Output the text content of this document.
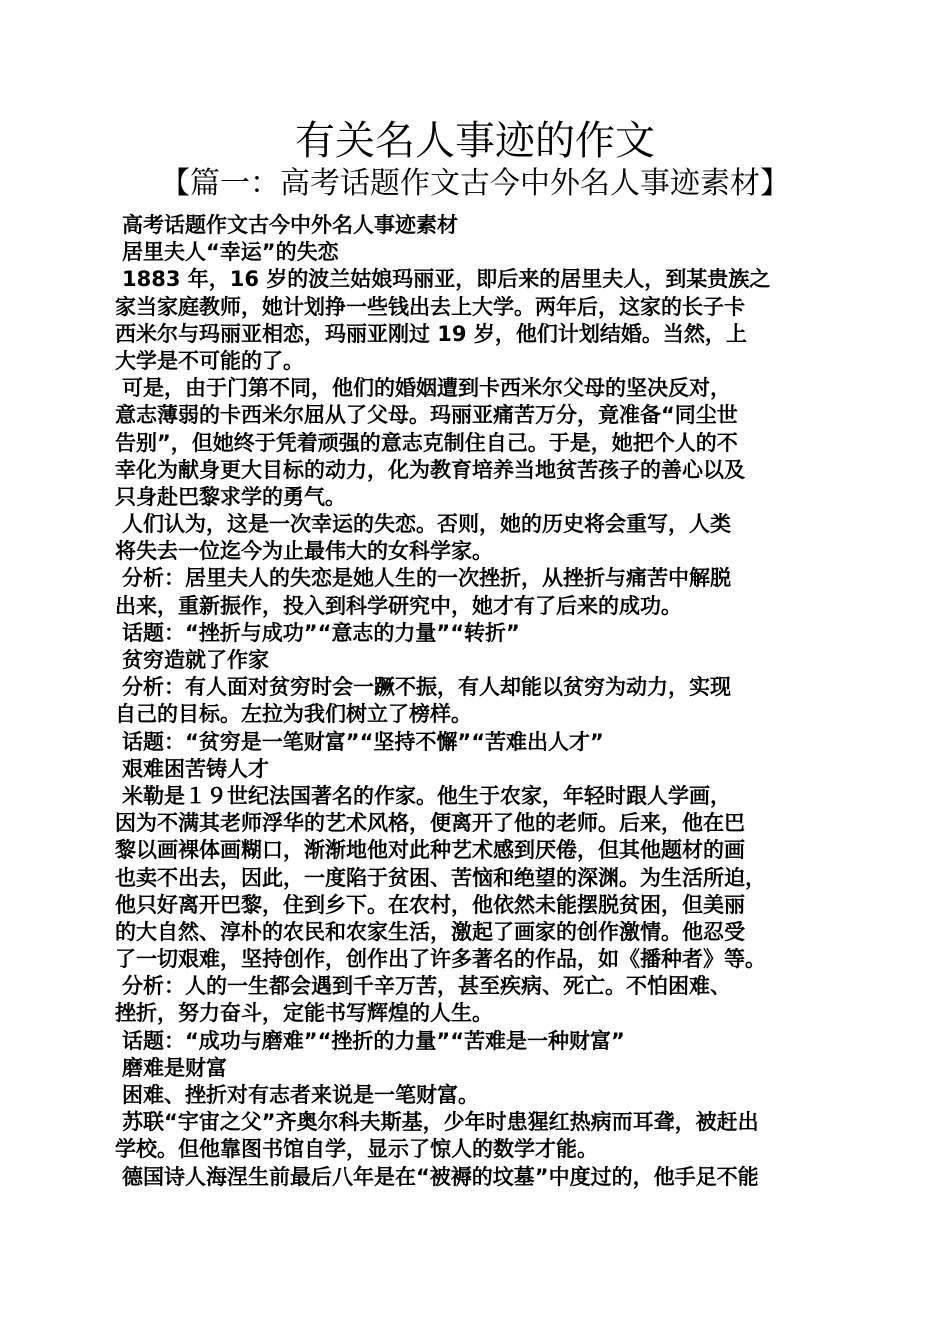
有关名人事迹的作文
【篇一：高考话题作文古今中外名人事迹素材】
高考话题作文古今中外名人事迹素材
居里夫人“幸运”的失恋
1883 年，16 岁的波兰姑娘玛丽亚，即后来的居里夫人，到某贵族之
家当家庭教师，她计划挣一些钱出去上大学。两年后，这家的长子卡
西米尔与玛丽亚相恋，玛丽亚刚过 19 岁，他们计划结婚。当然，上
大学是不可能的了。
可是，由于门第不同，他们的婚姻遭到卡西米尔父母的坚决反对，
意志薄弱的卡西米尔屈从了父母。玛丽亚痛苦万分，竟准备“同尘世
告别”，但她终于凭着顽强的意志克制住自己。于是，她把个人的不
幸化为献身更大目标的动力，化为教育培养当地贫苦孩子的善心以及
只身赴巴黎求学的勇气。
人们认为，这是一次幸运的失恋。否则，她的历史将会重写，人类
将失去一位迄今为止最伟大的女科学家。
分析：居里夫人的失恋是她人生的一次挫折，从挫折与痛苦中解脱
出来，重新振作，投入到科学研究中，她才有了后来的成功。
话题：“挫折与成功”“意志的力量”“转折”
贫穷造就了作家
分析：有人面对贫穷时会一蹶不振，有人却能以贫穷为动力，实现
自己的目标。左拉为我们树立了榜样。
话题：“贫穷是一笔财富”“坚持不懈”“苦难出人才”
艰难困苦铸人才
米勒是１９世纪法国著名的作家。他生于农家，年轻时跟人学画，
因为不满其老师浮华的艺术风格，便离开了他的老师。后来，他在巴
黎以画裸体画糊口，渐渐地他对此种艺术感到厌倦，但其他题材的画
也卖不出去，因此，一度陷于贫困、苦恼和绝望的深渊。为生活所迫，
他只好离开巴黎，住到乡下。在农村，他依然未能摆脱贫困，但美丽
的大自然、淳朴的农民和农家生活，激起了画家的创作激情。他忍受
了一切艰难，坚持创作，创作出了许多著名的作品，如《播种者》等。
分析：人的一生都会遇到千辛万苦，甚至疾病、死亡。不怕困难、
挫折，努力奋斗，定能书写辉煌的人生。
话题：“成功与磨难”“挫折的力量”“苦难是一种财富”
磨难是财富
困难、挫折对有志者来说是一笔财富。
苏联“宇宙之父”齐奥尔科夫斯基，少年时患猩红热病而耳聋，被赶出
学校。但他靠图书馆自学，显示了惊人的数学才能。
德国诗人海涅生前最后八年是在“被褥的坟墓”中度过的，他手足不能
